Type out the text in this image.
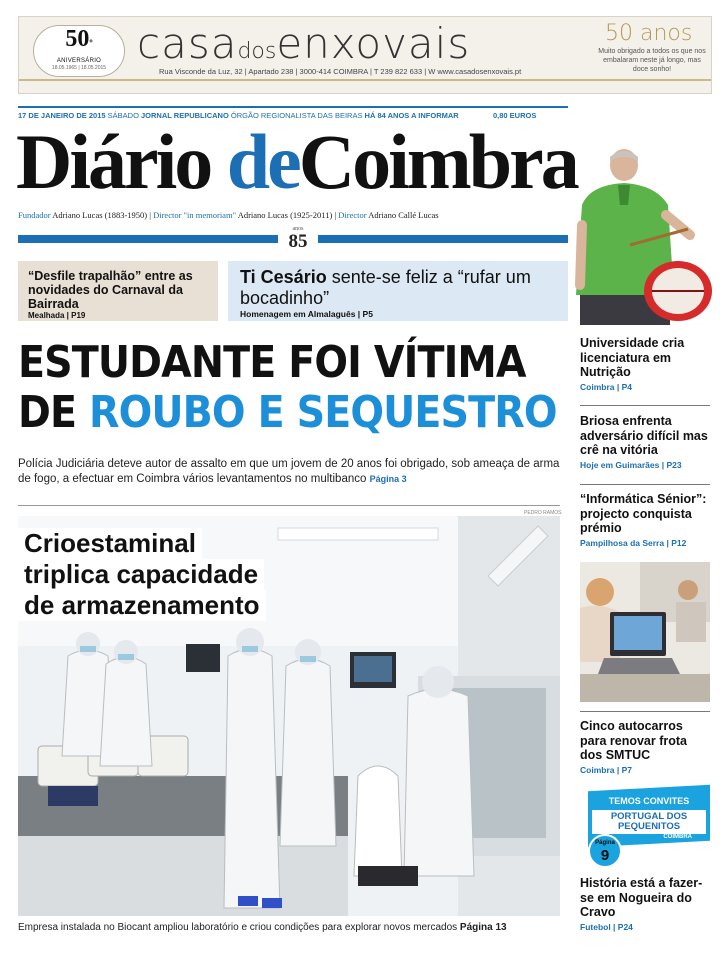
50º
ANIVERSÁRIO
18.05.1965 | 18.05.2015 casadosenxovais
Rua Visconde da Luz, 32 | Apartado 238 | 3000-414 COIMBRA | T 239 822 633 | W www.casadosenxovais.pt
50 anos
Muito obrigado a todos os que nos embalaram neste já longo, mas doce sonho!
17 DE JANEIRO DE 2015 SÁBADO JORNAL REPUBLICANO ÓRGÃO REGIONALISTA DAS BEIRAS HÁ 84 ANOS A INFORMAR	0,80 EUROS
Diário deCoimbra
Fundador Adriano Lucas (1883-1950) | Director "in memoriam" Adriano Lucas (1925-2011) | Director Adriano Callé Lucas
anos
85
“Desfile trapalhão” entre as novidades do Carnaval da Bairrada
Mealhada | P19
Ti Cesário sente-se feliz a “rufar um bocadinho”
Homenagem em Almalaguês | P5
ESTUDANTE FOI VÍTIMA
DE ROUBO E SEQUESTRO
Polícia Judiciária deteve autor de assalto em que um jovem de 20 anos foi obrigado, sob ameaça de arma de fogo, a efectuar em Coimbra vários levantamentos no multibanco Página 3
PEDRO RAMOS
Crioestaminal
triplica capacidade
de armazenamento
Empresa instalada no Biocant ampliou laboratório e criou condições para explorar novos mercados Página 13
Universidade cria licenciatura em Nutrição
Coimbra | P4
Briosa enfrenta adversário difícil mas crê na vitória
Hoje em Guimarães | P23
“Informática Sénior”: projecto conquista prémio
Pampilhosa da Serra | P12
Cinco autocarros para renovar frota dos SMTUC
Coimbra | P7
TEMOS CONVITES
PORTUGAL DOS PEQUENITOS
COIMBRA
Página
9
História está a fazer-se em Nogueira do Cravo
Futebol | P24
